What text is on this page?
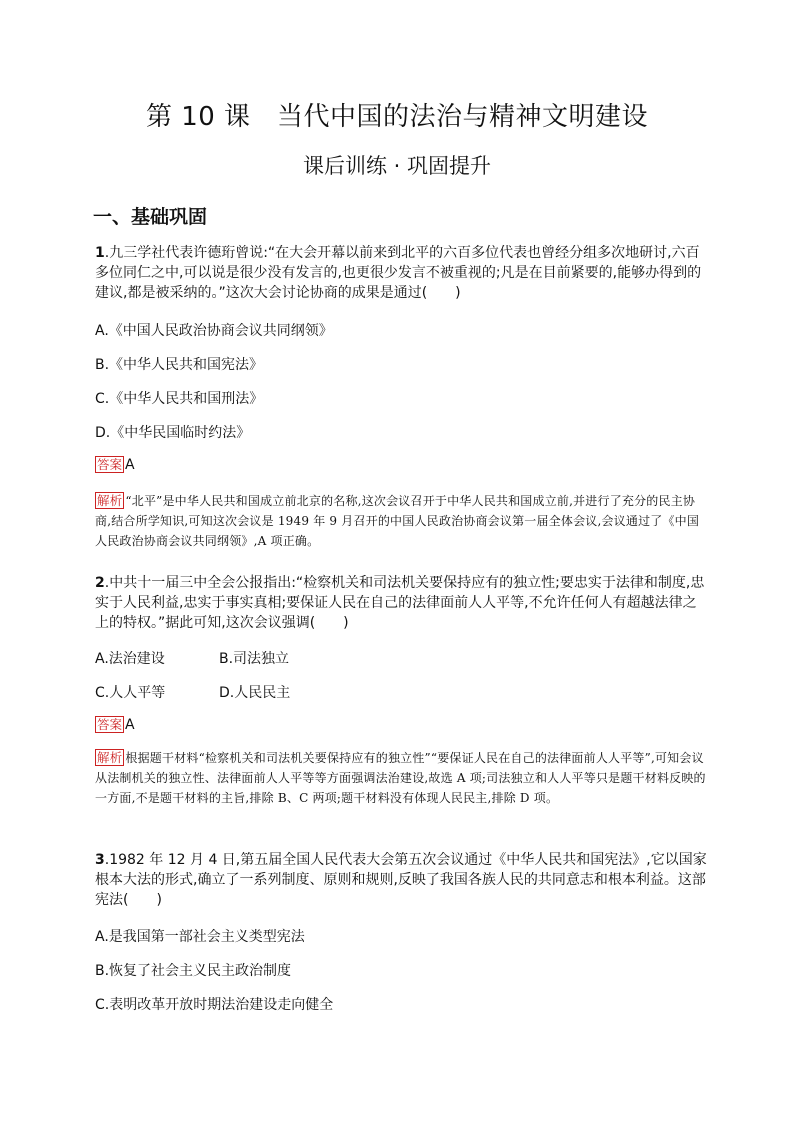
第 10 课　当代中国的法治与精神文明建设
课后训练 · 巩固提升
一、基础巩固
1.九三学社代表许德珩曾说:“在大会开幕以前来到北平的六百多位代表也曾经分组多次地研讨,六百多位同仁之中,可以说是很少没有发言的,也更很少发言不被重视的;凡是在目前紧要的,能够办得到的建议,都是被采纳的。”这次大会讨论协商的成果是通过(　　)
A.《中国人民政治协商会议共同纲领》
B.《中华人民共和国宪法》
C.《中华人民共和国刑法》
D.《中华民国临时约法》
答案 A
解析 “北平”是中华人民共和国成立前北京的名称,这次会议召开于中华人民共和国成立前,并进行了充分的民主协商,结合所学知识,可知这次会议是 1949 年 9 月召开的中国人民政治协商会议第一届全体会议,会议通过了《中国人民政治协商会议共同纲领》,A 项正确。
2.中共十一届三中全会公报指出:“检察机关和司法机关要保持应有的独立性;要忠实于法律和制度,忠实于人民利益,忠实于事实真相;要保证人民在自己的法律面前人人平等,不允许任何人有超越法律之上的特权。”据此可知,这次会议强调(　　)
A.法治建设	B.司法独立
C.人人平等	D.人民民主
答案 A
解析 根据题干材料“检察机关和司法机关要保持应有的独立性”“要保证人民在自己的法律面前人人平等”,可知会议从法制机关的独立性、法律面前人人平等等方面强调法治建设,故选 A 项;司法独立和人人平等只是题干材料反映的一方面,不是题干材料的主旨,排除 B、C 两项;题干材料没有体现人民民主,排除 D 项。
3.1982 年 12 月 4 日,第五届全国人民代表大会第五次会议通过《中华人民共和国宪法》,它以国家根本大法的形式,确立了一系列制度、原则和规则,反映了我国各族人民的共同意志和根本利益。这部宪法(　　)
A.是我国第一部社会主义类型宪法
B.恢复了社会主义民主政治制度
C.表明改革开放时期法治建设走向健全
